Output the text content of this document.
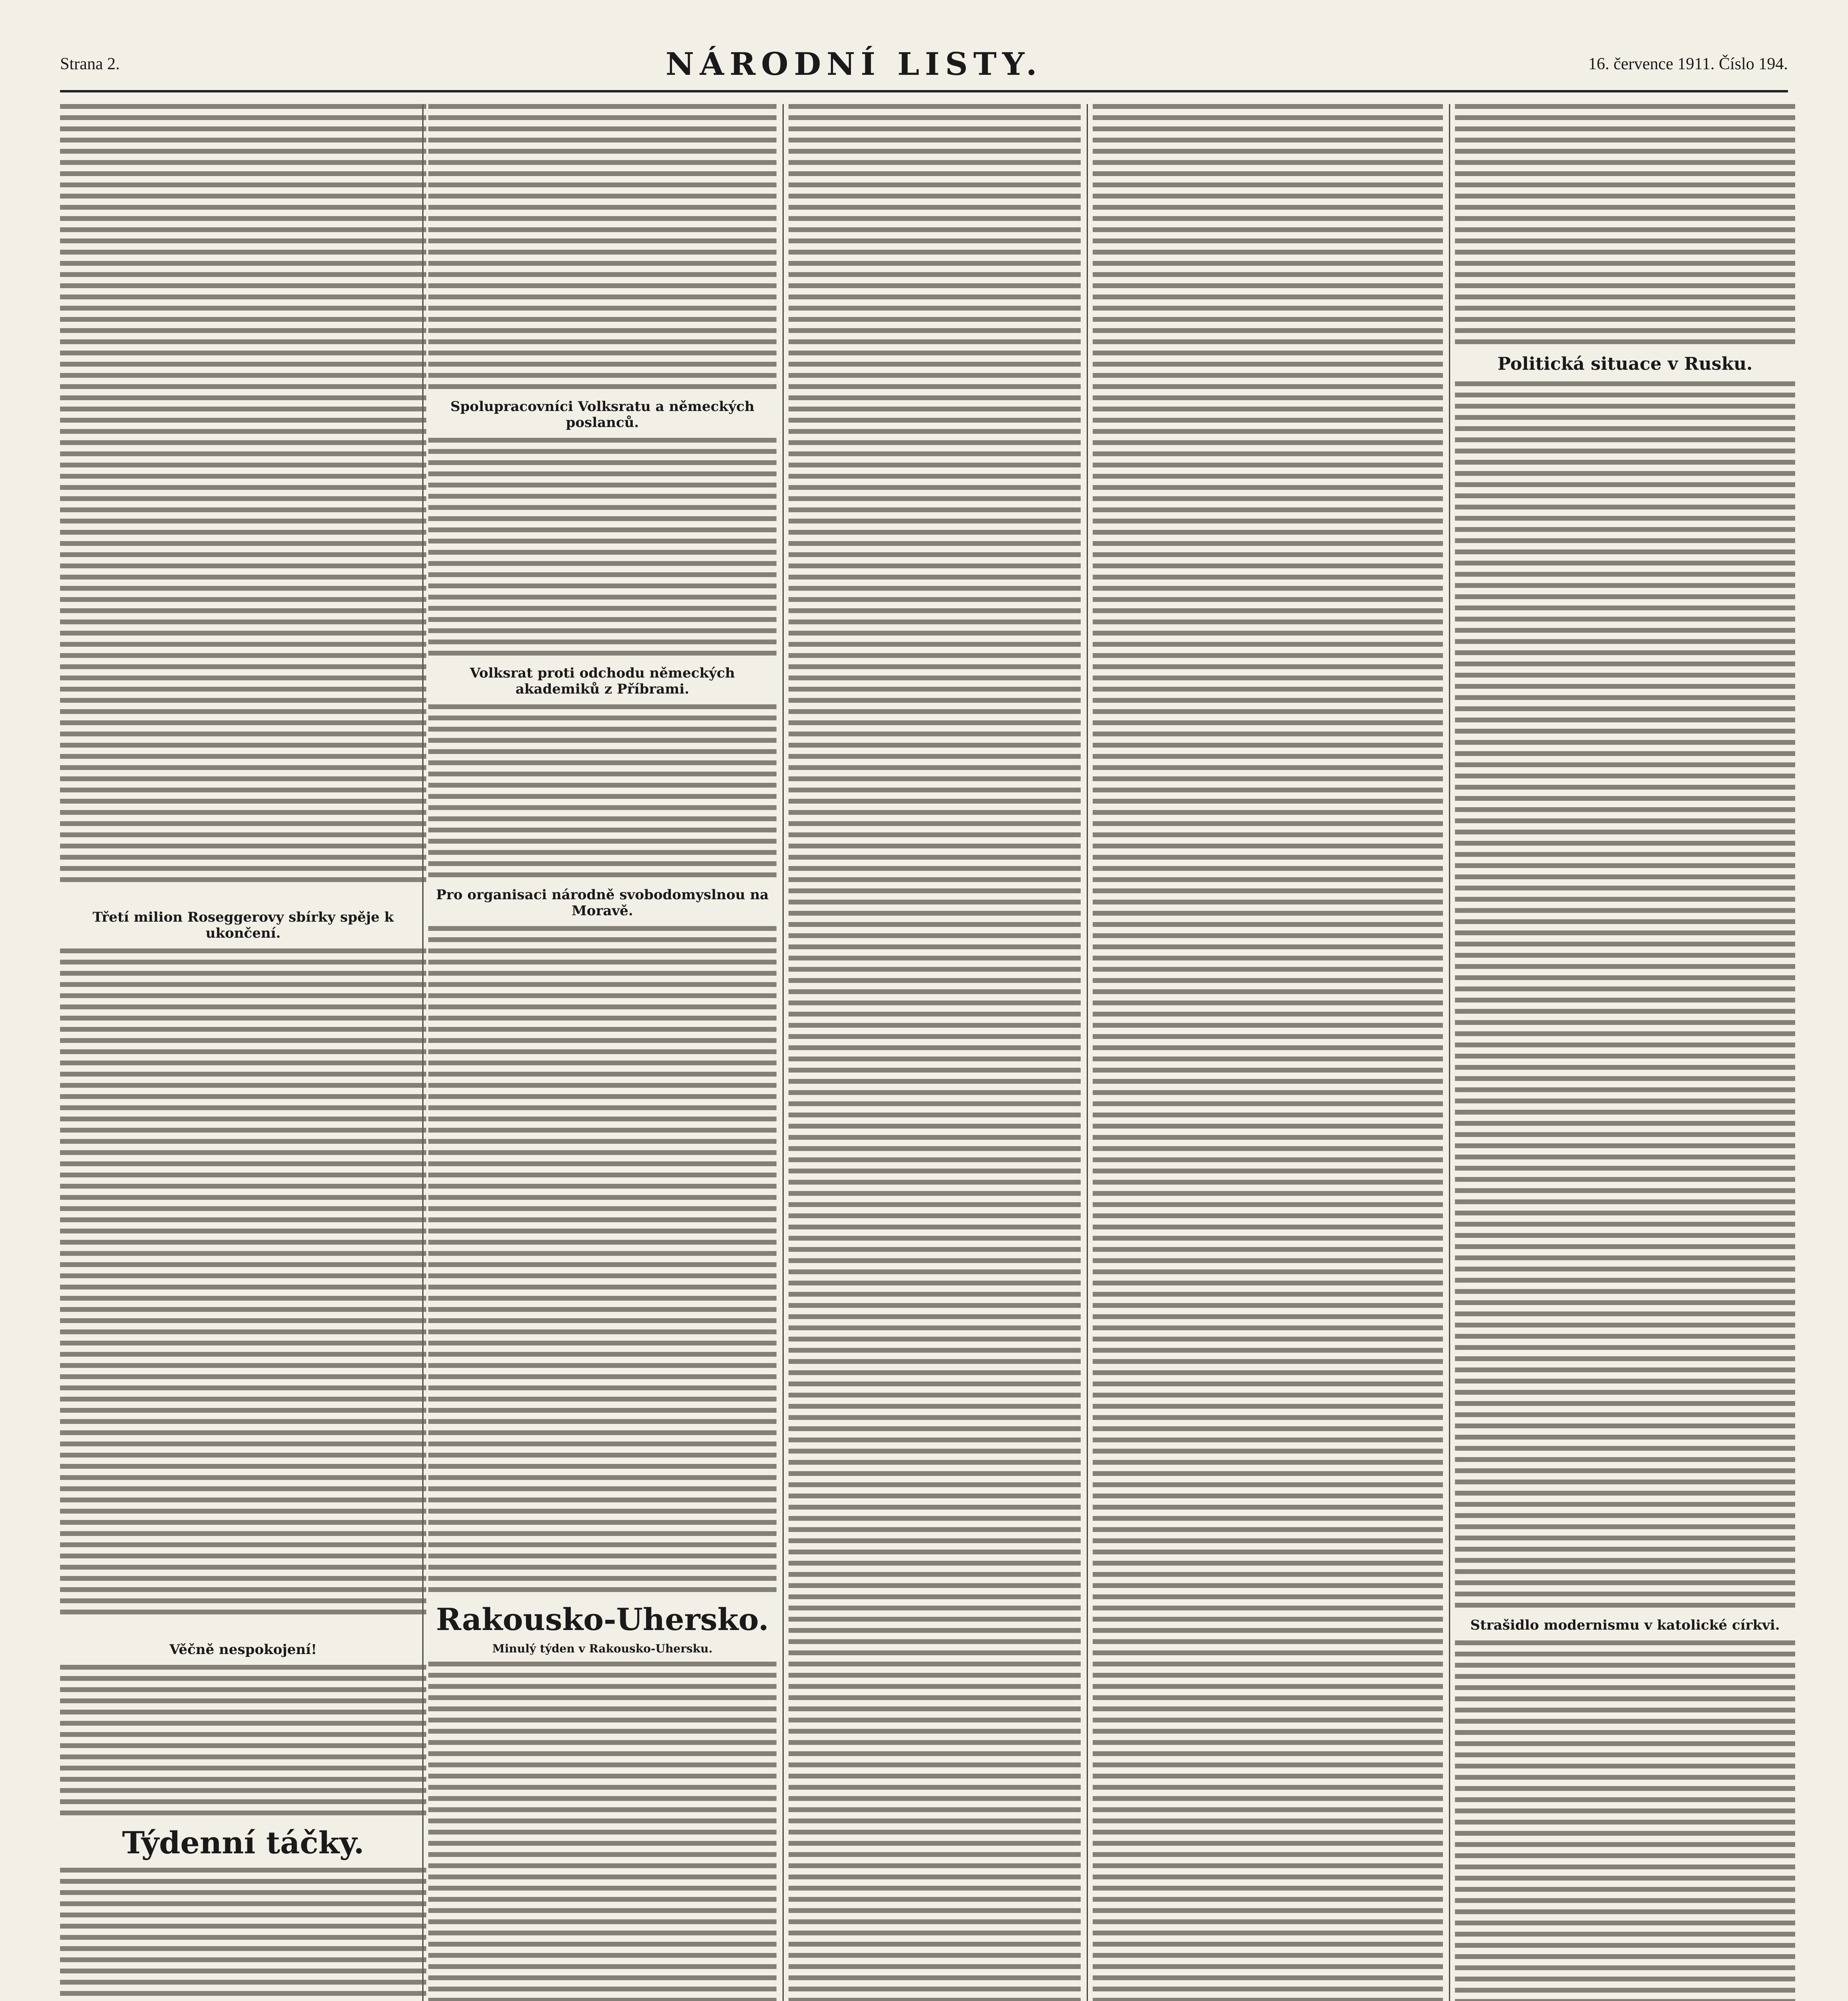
Strana 2.	NÁRODNÍ LISTY.	16. července 1911. Číslo 194.
Třetí milion Roseggerovy sbírky spěje k ukončení.
Věčně nespokojení!
Týdenní táčky.
Spolupracovníci Volksratu a německých poslanců.
Volksrat proti odchodu německých akademiků z Příbrami.
Pro organisaci národně svobodomyslnou na Moravě.
Rakousko-Uhersko.
Minulý týden v Rakousko-Uhersku.
Politická situace v Rusku.
Strašidlo modernismu v katolické církvi.
